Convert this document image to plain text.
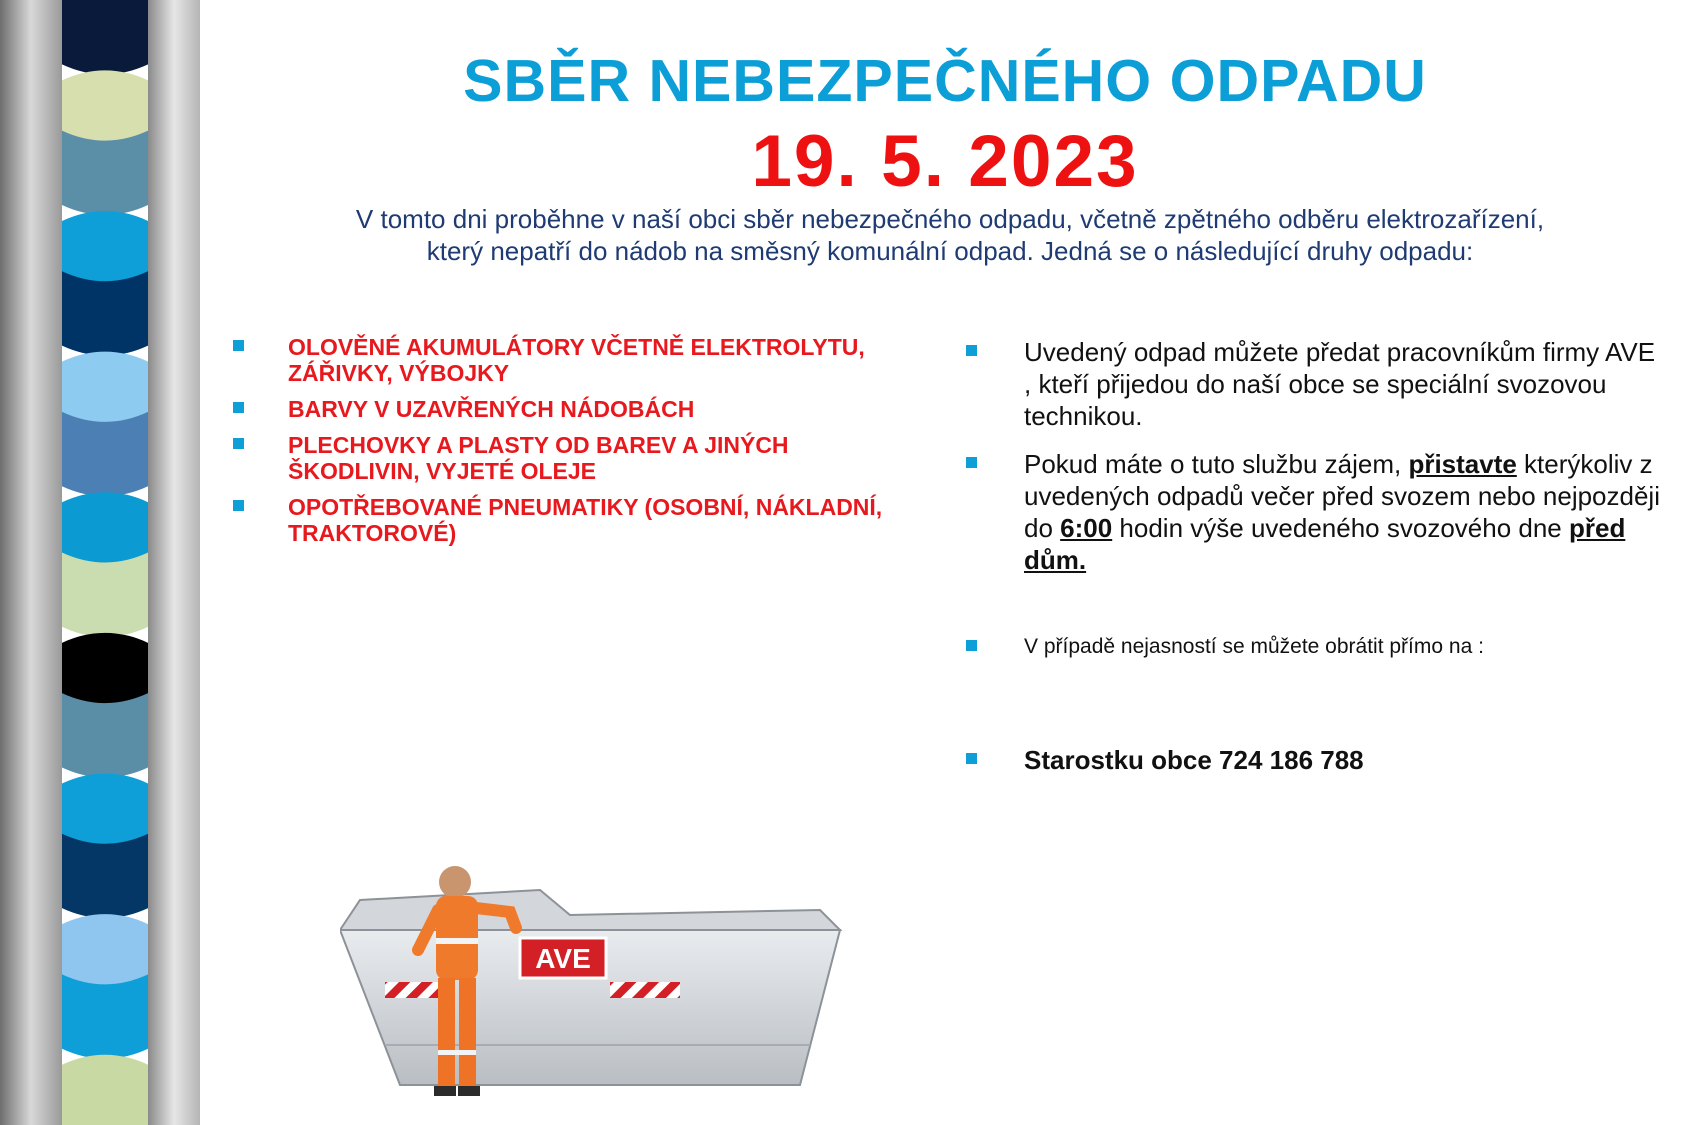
SBĚR NEBEZPEČNÉHO ODPADU
19. 5. 2023

V tomto dni proběhne v naší obci sběr nebezpečného odpadu, včetně zpětného odběru elektrozařízení,
který nepatří do nádob na směsný komunální odpad. Jedná se o následující druhy odpadu:

OLOVĚNÉ AKUMULÁTORY VČETNĚ ELEKTROLYTU, ZÁŘIVKY, VÝBOJKY
BARVY V UZAVŘENÝCH NÁDOBÁCH
PLECHOVKY A PLASTY OD BAREV A JINÝCH ŠKODLIVIN, VYJETÉ OLEJE
OPOTŘEBOVANÉ PNEUMATIKY (OSOBNÍ, NÁKLADNÍ, TRAKTOROVÉ)
Uvedený odpad můžete předat pracovníkům firmy AVE , kteří přijedou do naší obce se speciální svozovou technikou.
Pokud máte o tuto službu zájem, přistavte kterýkoliv z uvedených odpadů večer před svozem nebo nejpozději do 6:00 hodin výše uvedeného svozového dne před dům.
V případě nejasností se můžete obrátit přímo na :
Starostku obce 724 186 788
AVE
